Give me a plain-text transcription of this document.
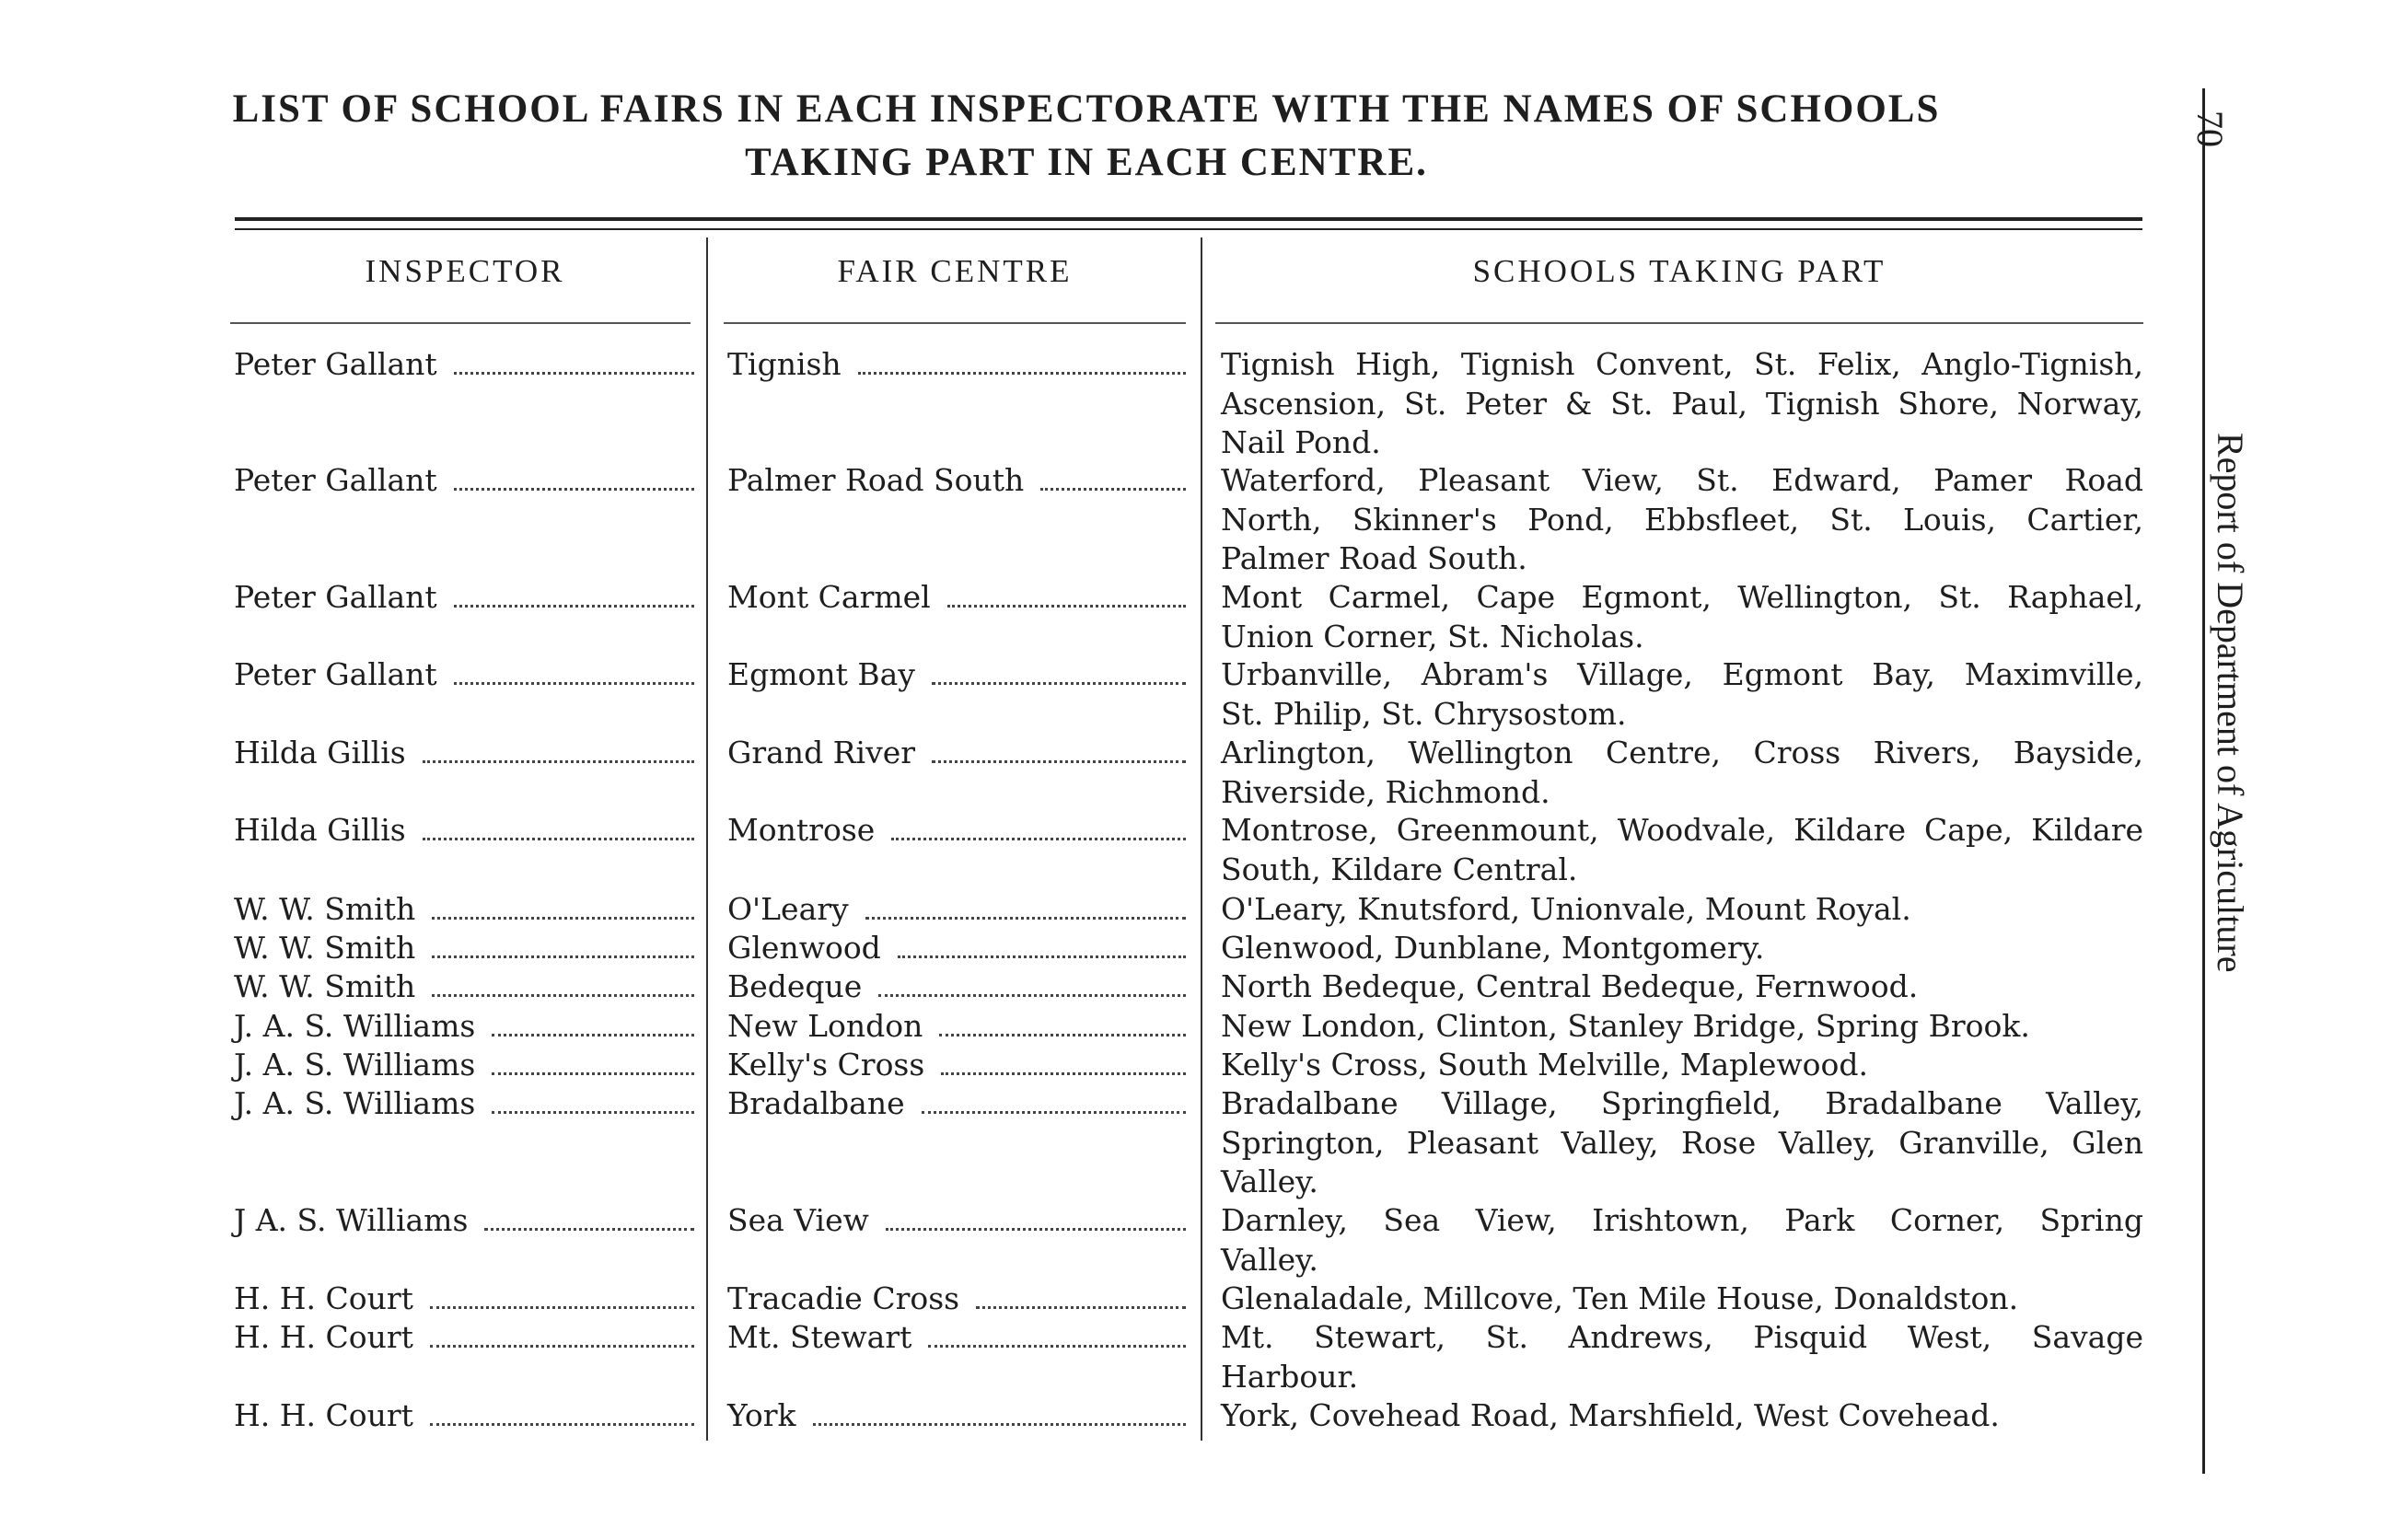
LIST OF SCHOOL FAIRS IN EACH INSPECTORATE WITH THE NAMES OF SCHOOLS
TAKING PART IN EACH CENTRE.
70
Report of Department of Agriculture
INSPECTOR	FAIR CENTRE	SCHOOLS TAKING PART
Peter Gallant	Tignish	Tignish High, Tignish Convent, St. Felix, Anglo-Tignish,
Ascension, St. Peter & St. Paul, Tignish Shore, Norway,
Nail Pond.
Peter Gallant	Palmer Road South	Waterford, Pleasant View, St. Edward, Pamer Road
North, Skinner's Pond, Ebbsfleet, St. Louis, Cartier,
Palmer Road South.
Peter Gallant	Mont Carmel	Mont Carmel, Cape Egmont, Wellington, St. Raphael,
Union Corner, St. Nicholas.
Peter Gallant	Egmont Bay	Urbanville, Abram's Village, Egmont Bay, Maximville,
St. Philip, St. Chrysostom.
Hilda Gillis	Grand River	Arlington, Wellington Centre, Cross Rivers, Bayside,
Riverside, Richmond.
Hilda Gillis	Montrose	Montrose, Greenmount, Woodvale, Kildare Cape, Kildare
South, Kildare Central.
W. W. Smith	O'Leary	O'Leary, Knutsford, Unionvale, Mount Royal.
W. W. Smith	Glenwood	Glenwood, Dunblane, Montgomery.
W. W. Smith	Bedeque	North Bedeque, Central Bedeque, Fernwood.
J. A. S. Williams	New London	New London, Clinton, Stanley Bridge, Spring Brook.
J. A. S. Williams	Kelly's Cross	Kelly's Cross, South Melville, Maplewood.
J. A. S. Williams	Bradalbane	Bradalbane Village, Springfield, Bradalbane Valley,
Springton, Pleasant Valley, Rose Valley, Granville, Glen
Valley.
J A. S. Williams	Sea View	Darnley, Sea View, Irishtown, Park Corner, Spring
Valley.
H. H. Court	Tracadie Cross	Glenaladale, Millcove, Ten Mile House, Donaldston.
H. H. Court	Mt. Stewart	Mt. Stewart, St. Andrews, Pisquid West, Savage
Harbour.
H. H. Court	York	York, Covehead Road, Marshfield, West Covehead.
